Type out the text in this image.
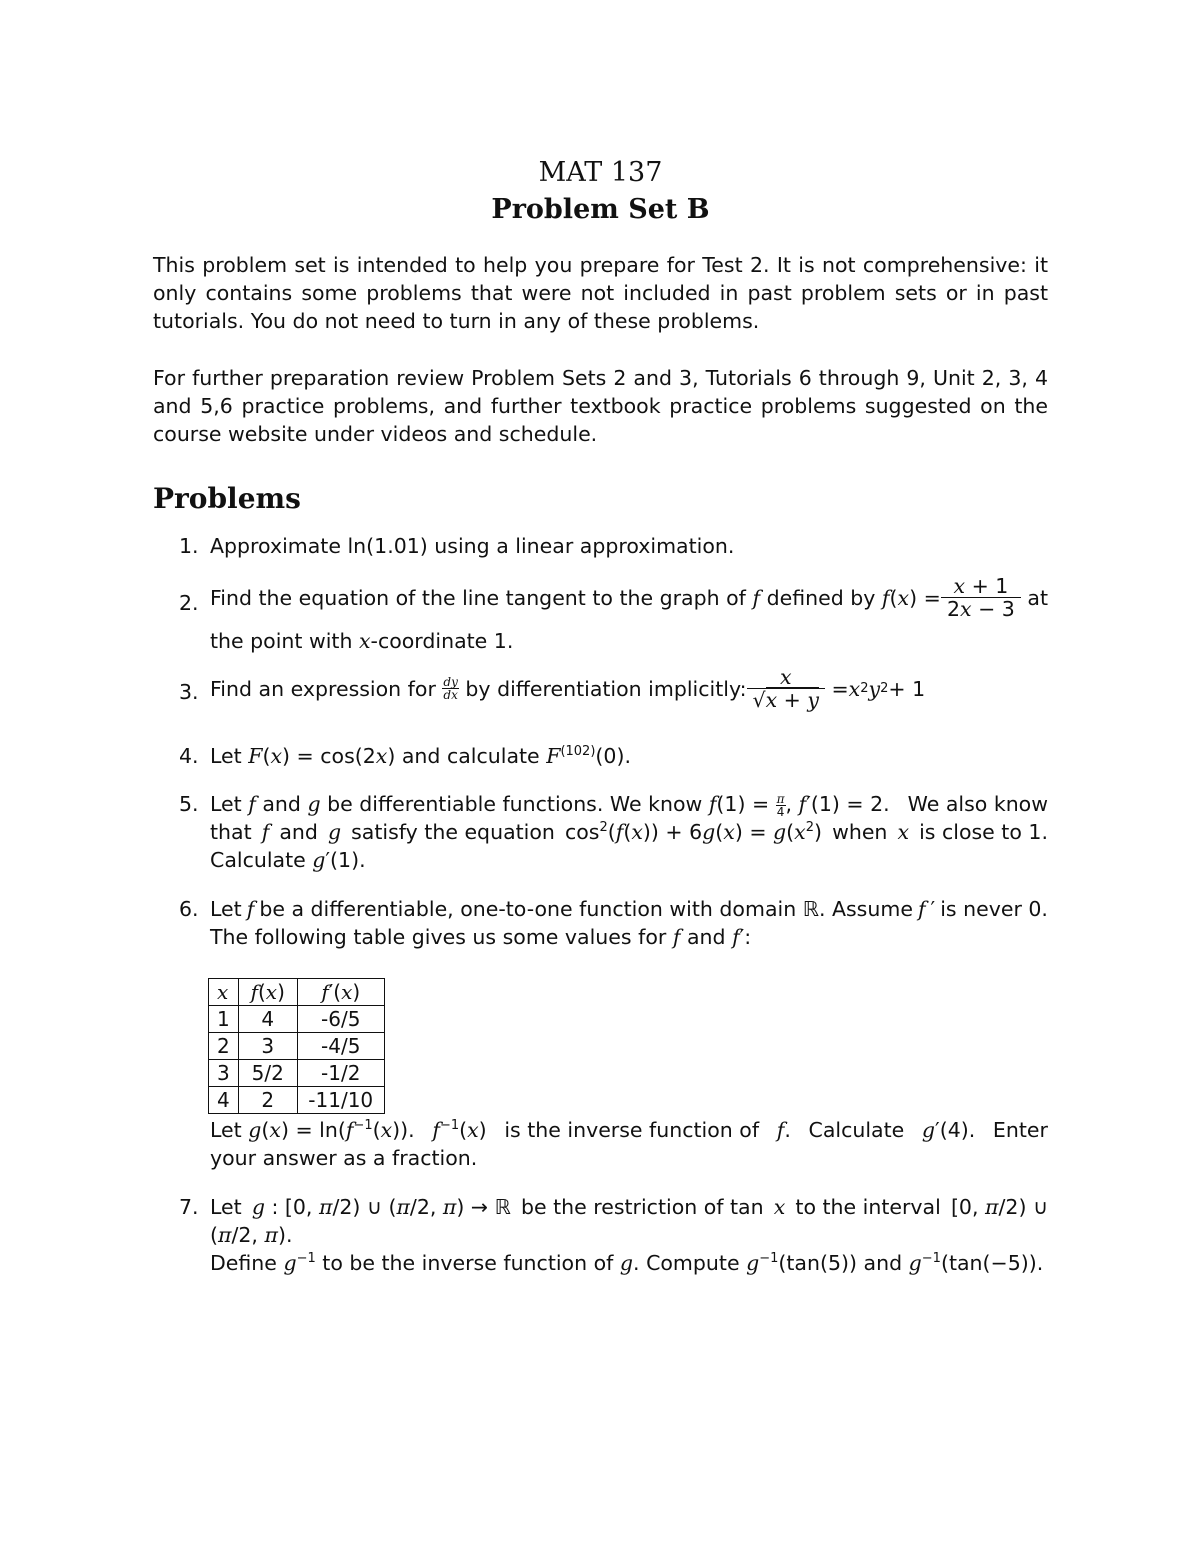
MAT 137
Problem Set B

This problem set is intended to help you prepare for Test 2. It is not comprehensive: it only contains some problems that were not included in past problem sets or in past tutorials. You do not need to turn in any of these problems.

For further preparation review Problem Sets 2 and 3, Tutorials 6 through 9, Unit 2, 3, 4 and 5,6 practice problems, and further textbook practice problems suggested on the course website under videos and schedule.

Problems
1. Approximate ln(1.01) using a linear approximation.
2. Find the equation of the line tangent to the graph of f defined by $f(x) = \frac{x + 1}{2x - 3}$
at
the point with x-coordinate 1.
3. Find an expression for
dy
dx
by differentiation implicitly: $\frac{x}{√x + y} = x$ 2 y 2 + 1
4. Let F(x) = cos(2x) and calculate $F^{(102)}(0)$.
5. Let f and g be differentiable functions. We know $f(1) = \frac{\pi}{4}$ , f′(1) = 2. We also know
that f and g satisfy the equation $\cos^2(f(x)) + 6g(x) = g(x^2)$ when x is close to 1.
Calculate g′(1).
6. Let f be a differentiable, one-to-one function with domain ℝ. Assume f ′ is never 0.
The following table gives us some values for f and f′:
x	f(x)	f′(x)
1	4	-6/5
2	3	-4/5
3	5/2	-1/2
4	2	-11/10
Let $g(x) = \ln(f^{-1}(x))$. $f^{-1}(x)$ is the inverse function of f. Calculate g′(4). Enter
your answer as a fraction.
7. Let g : [0, π/2) ∪ (π/2, π) → ℝ be the restriction of tan x to the interval [0, π/2) ∪
(π/2, π).
Define $g^{-1}$ to be the inverse function of g. Compute $g^{-1}(\tan(5))$ and $g^{-1}(\tan(-5))$.
